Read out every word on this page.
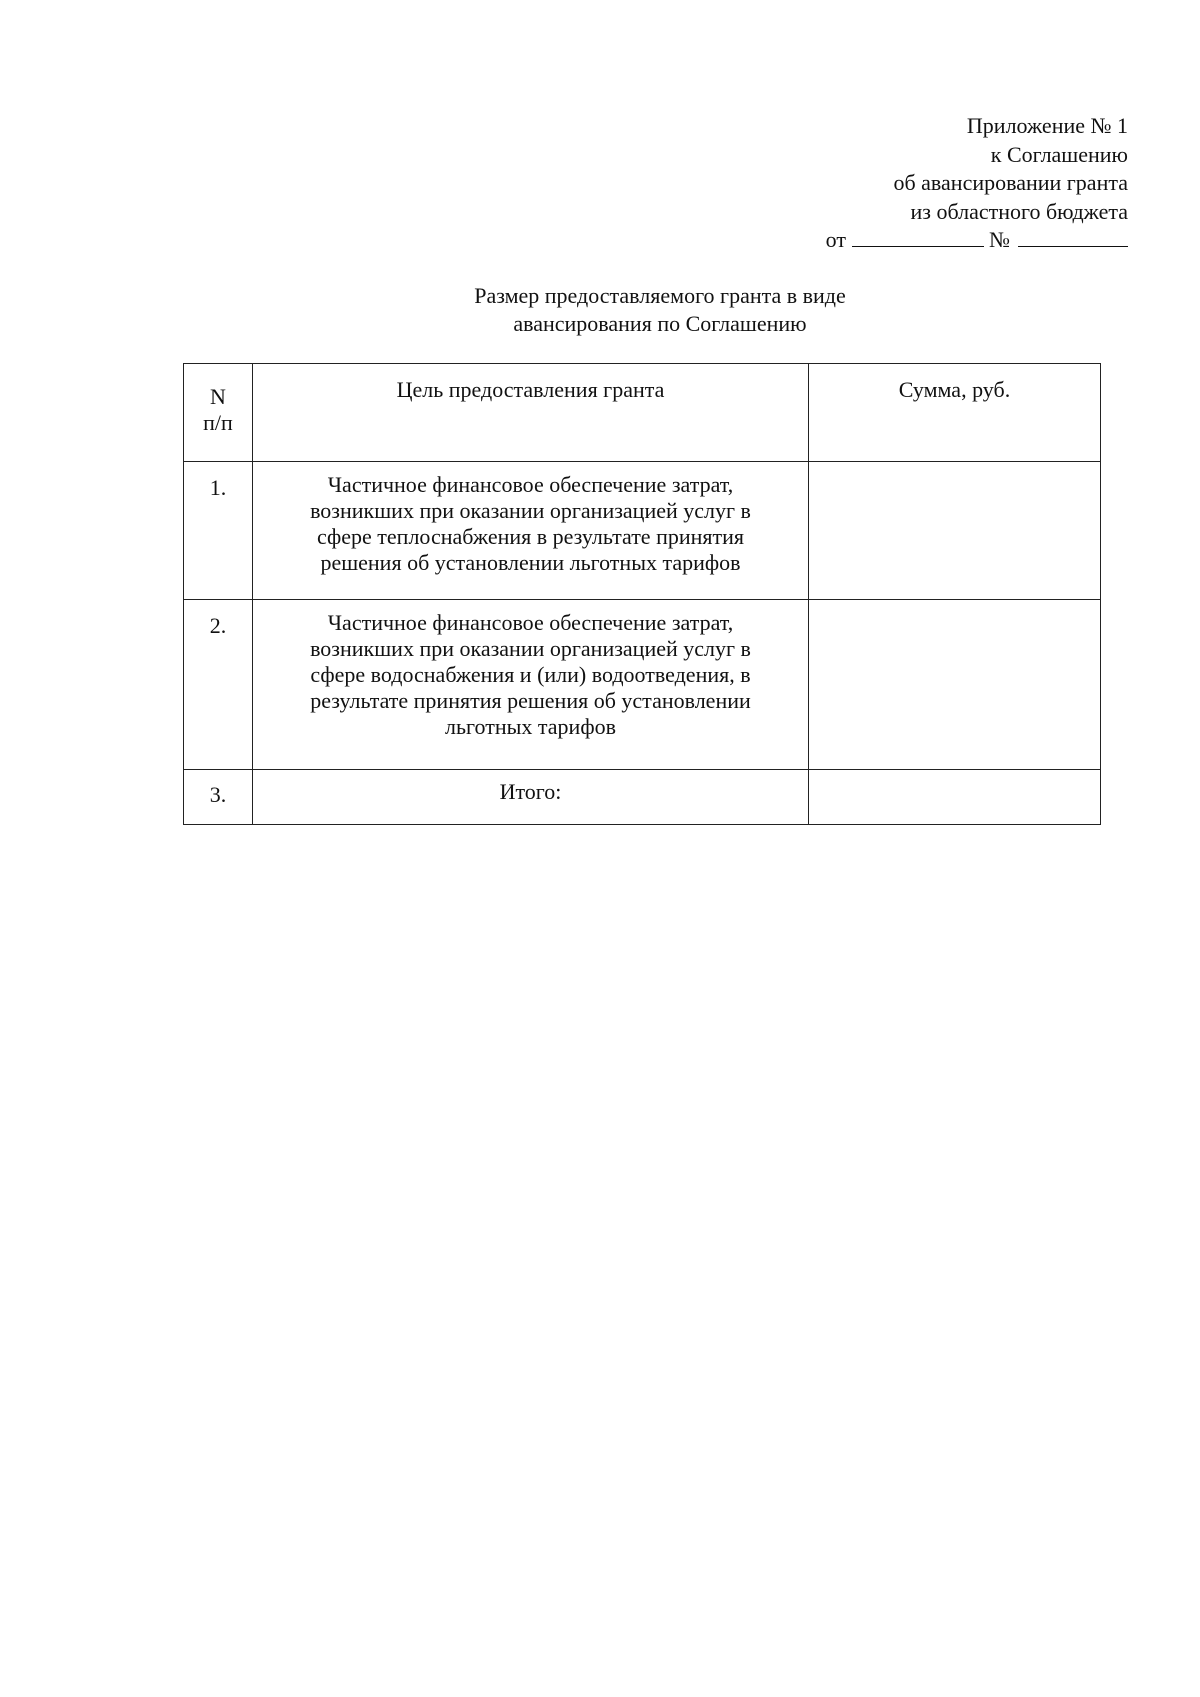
Приложение № 1
к Соглашению
об авансировании гранта
из областного бюджета
от	№
Размер предоставляемого гранта в виде
авансирования по Соглашению
N
п/п	Цель предоставления гранта	Сумма, руб.
1.	Частичное финансовое обеспечение затрат,
возникших при оказании организацией услуг в
сфере теплоснабжения в результате принятия
решения об установлении льготных тарифов	

2.	Частичное финансовое обеспечение затрат,
возникших при оказании организацией услуг в
сфере водоснабжения и (или) водоотведения, в
результате принятия решения об установлении
льготных тарифов	

3.	Итого:	
